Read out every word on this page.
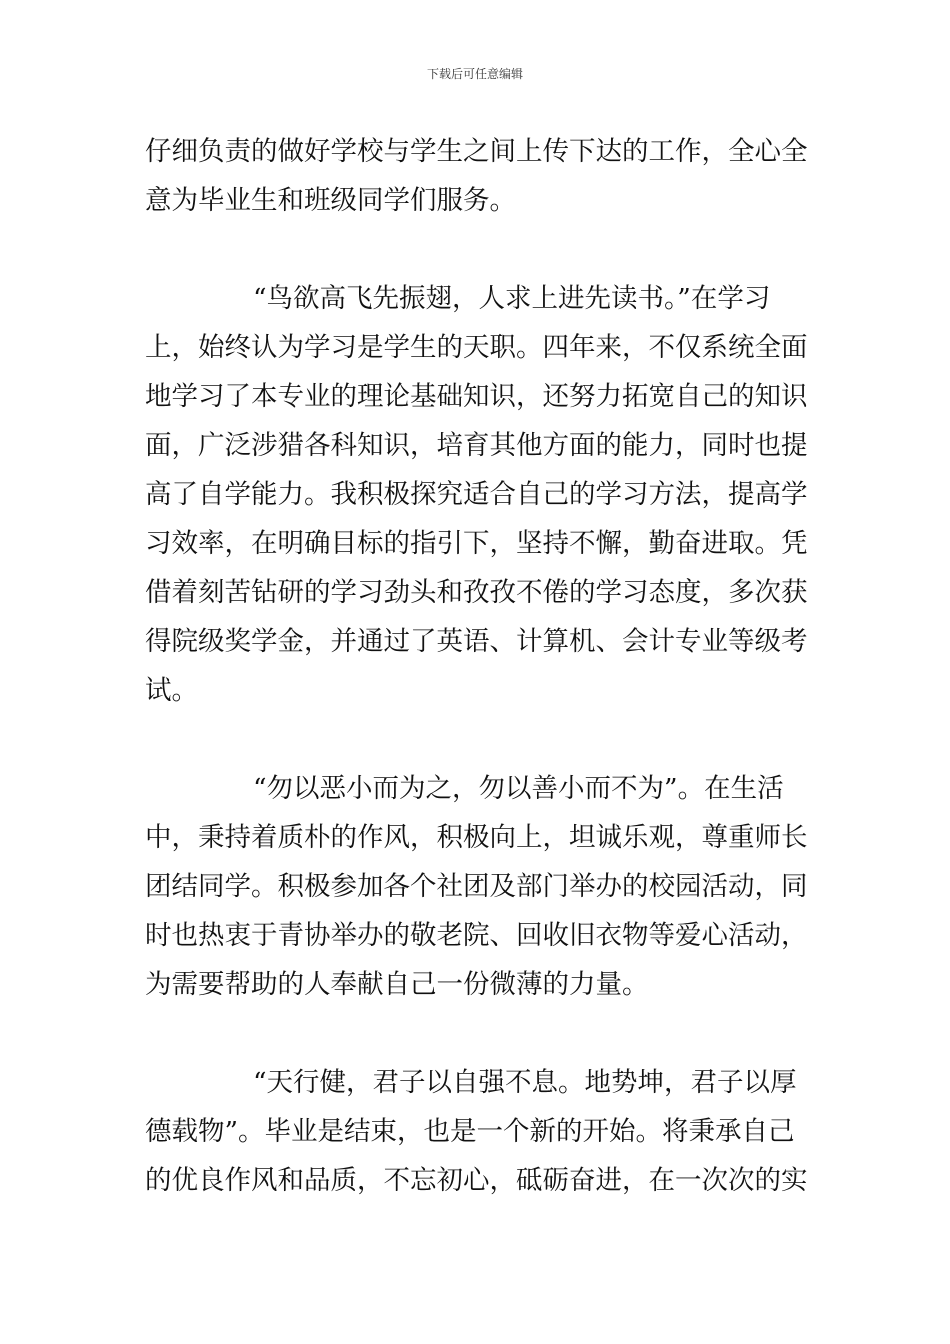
下载后可任意编辑

仔细负责的做好学校与学生之间上传下达的工作，全心全
意为毕业生和班级同学们服务。

“鸟欲高飞先振翅，人求上进先读书。”在学习
上，始终认为学习是学生的天职。四年来，不仅系统全面
地学习了本专业的理论基础知识，还努力拓宽自己的知识
面，广泛涉猎各科知识，培育其他方面的能力，同时也提
高了自学能力。我积极探究适合自己的学习方法，提高学
习效率，在明确目标的指引下，坚持不懈，勤奋进取。凭
借着刻苦钻研的学习劲头和孜孜不倦的学习态度，多次获
得院级奖学金，并通过了英语、计算机、会计专业等级考
试。

“勿以恶小而为之，勿以善小而不为”。在生活
中，秉持着质朴的作风，积极向上，坦诚乐观，尊重师长
团结同学。积极参加各个社团及部门举办的校园活动，同
时也热衷于青协举办的敬老院、回收旧衣物等爱心活动，
为需要帮助的人奉献自己一份微薄的力量。

“天行健，君子以自强不息。地势坤，君子以厚
德载物”。毕业是结束，也是一个新的开始。将秉承自己
的优良作风和品质，不忘初心，砥砺奋进，在一次次的实
